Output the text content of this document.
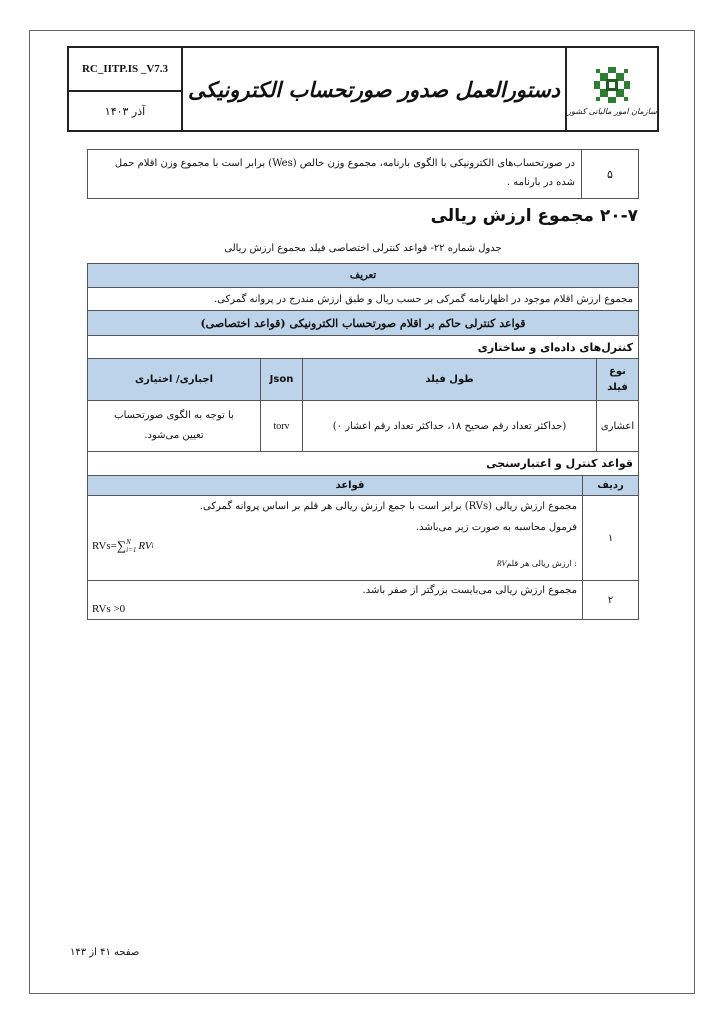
RC_IITP.IS _V7.3
آذر ۱۴۰۳
دستورالعمل صدور صورتحساب الکترونیکی
سازمان امور مالیاتی کشور
۵
در صورتحساب‌های الکترونیکی با الگوی بارنامه، مجموع وزن خالص (Wes) برابر است با مجموع وزن اقلام حمل شده در بارنامه .
۲۰-۷ مجموع ارزش ریالی
جدول شماره ۲۲- قواعد کنترلی اختصاصی فیلد مجموع ارزش ریالی
تعریف
مجموع ارزش اقلام موجود در اظهارنامه گمرکی بر حسب ریال و طبق ارزش مندرج در پروانه گمرکی.
قواعد کنترلی حاکم بر اقلام صورتحساب الکترونیکی (قواعد اختصاصی)
کنترل‌های داده‌ای و ساختاری
نوع فیلد
طول فیلد
Json
اجباری/ اختیاری
اعشاری
(حداکثر تعداد رقم صحیح ۱۸، حداکثر تعداد رقم اعشار ۰)
torv
با توجه به الگوی صورتحساب تعیین می‌شود.
قواعد کنترل و اعتبارسنجی
ردیف
قواعد
۱
مجموع ارزش ریالی (RVs) برابر است با جمع ارزش ریالی هر قلم بر اساس پروانه گمرکی.
فرمول محاسبه به صورت زیر می‌باشد.
: ارزش ریالی هر قلمRV
RVs= ∑ N
i=1 RV i
۲
مجموع ارزش ریالی می‌بایست بزرگتر از صفر باشد.
RVs >0
صفحه ۴۱ از ۱۴۳
